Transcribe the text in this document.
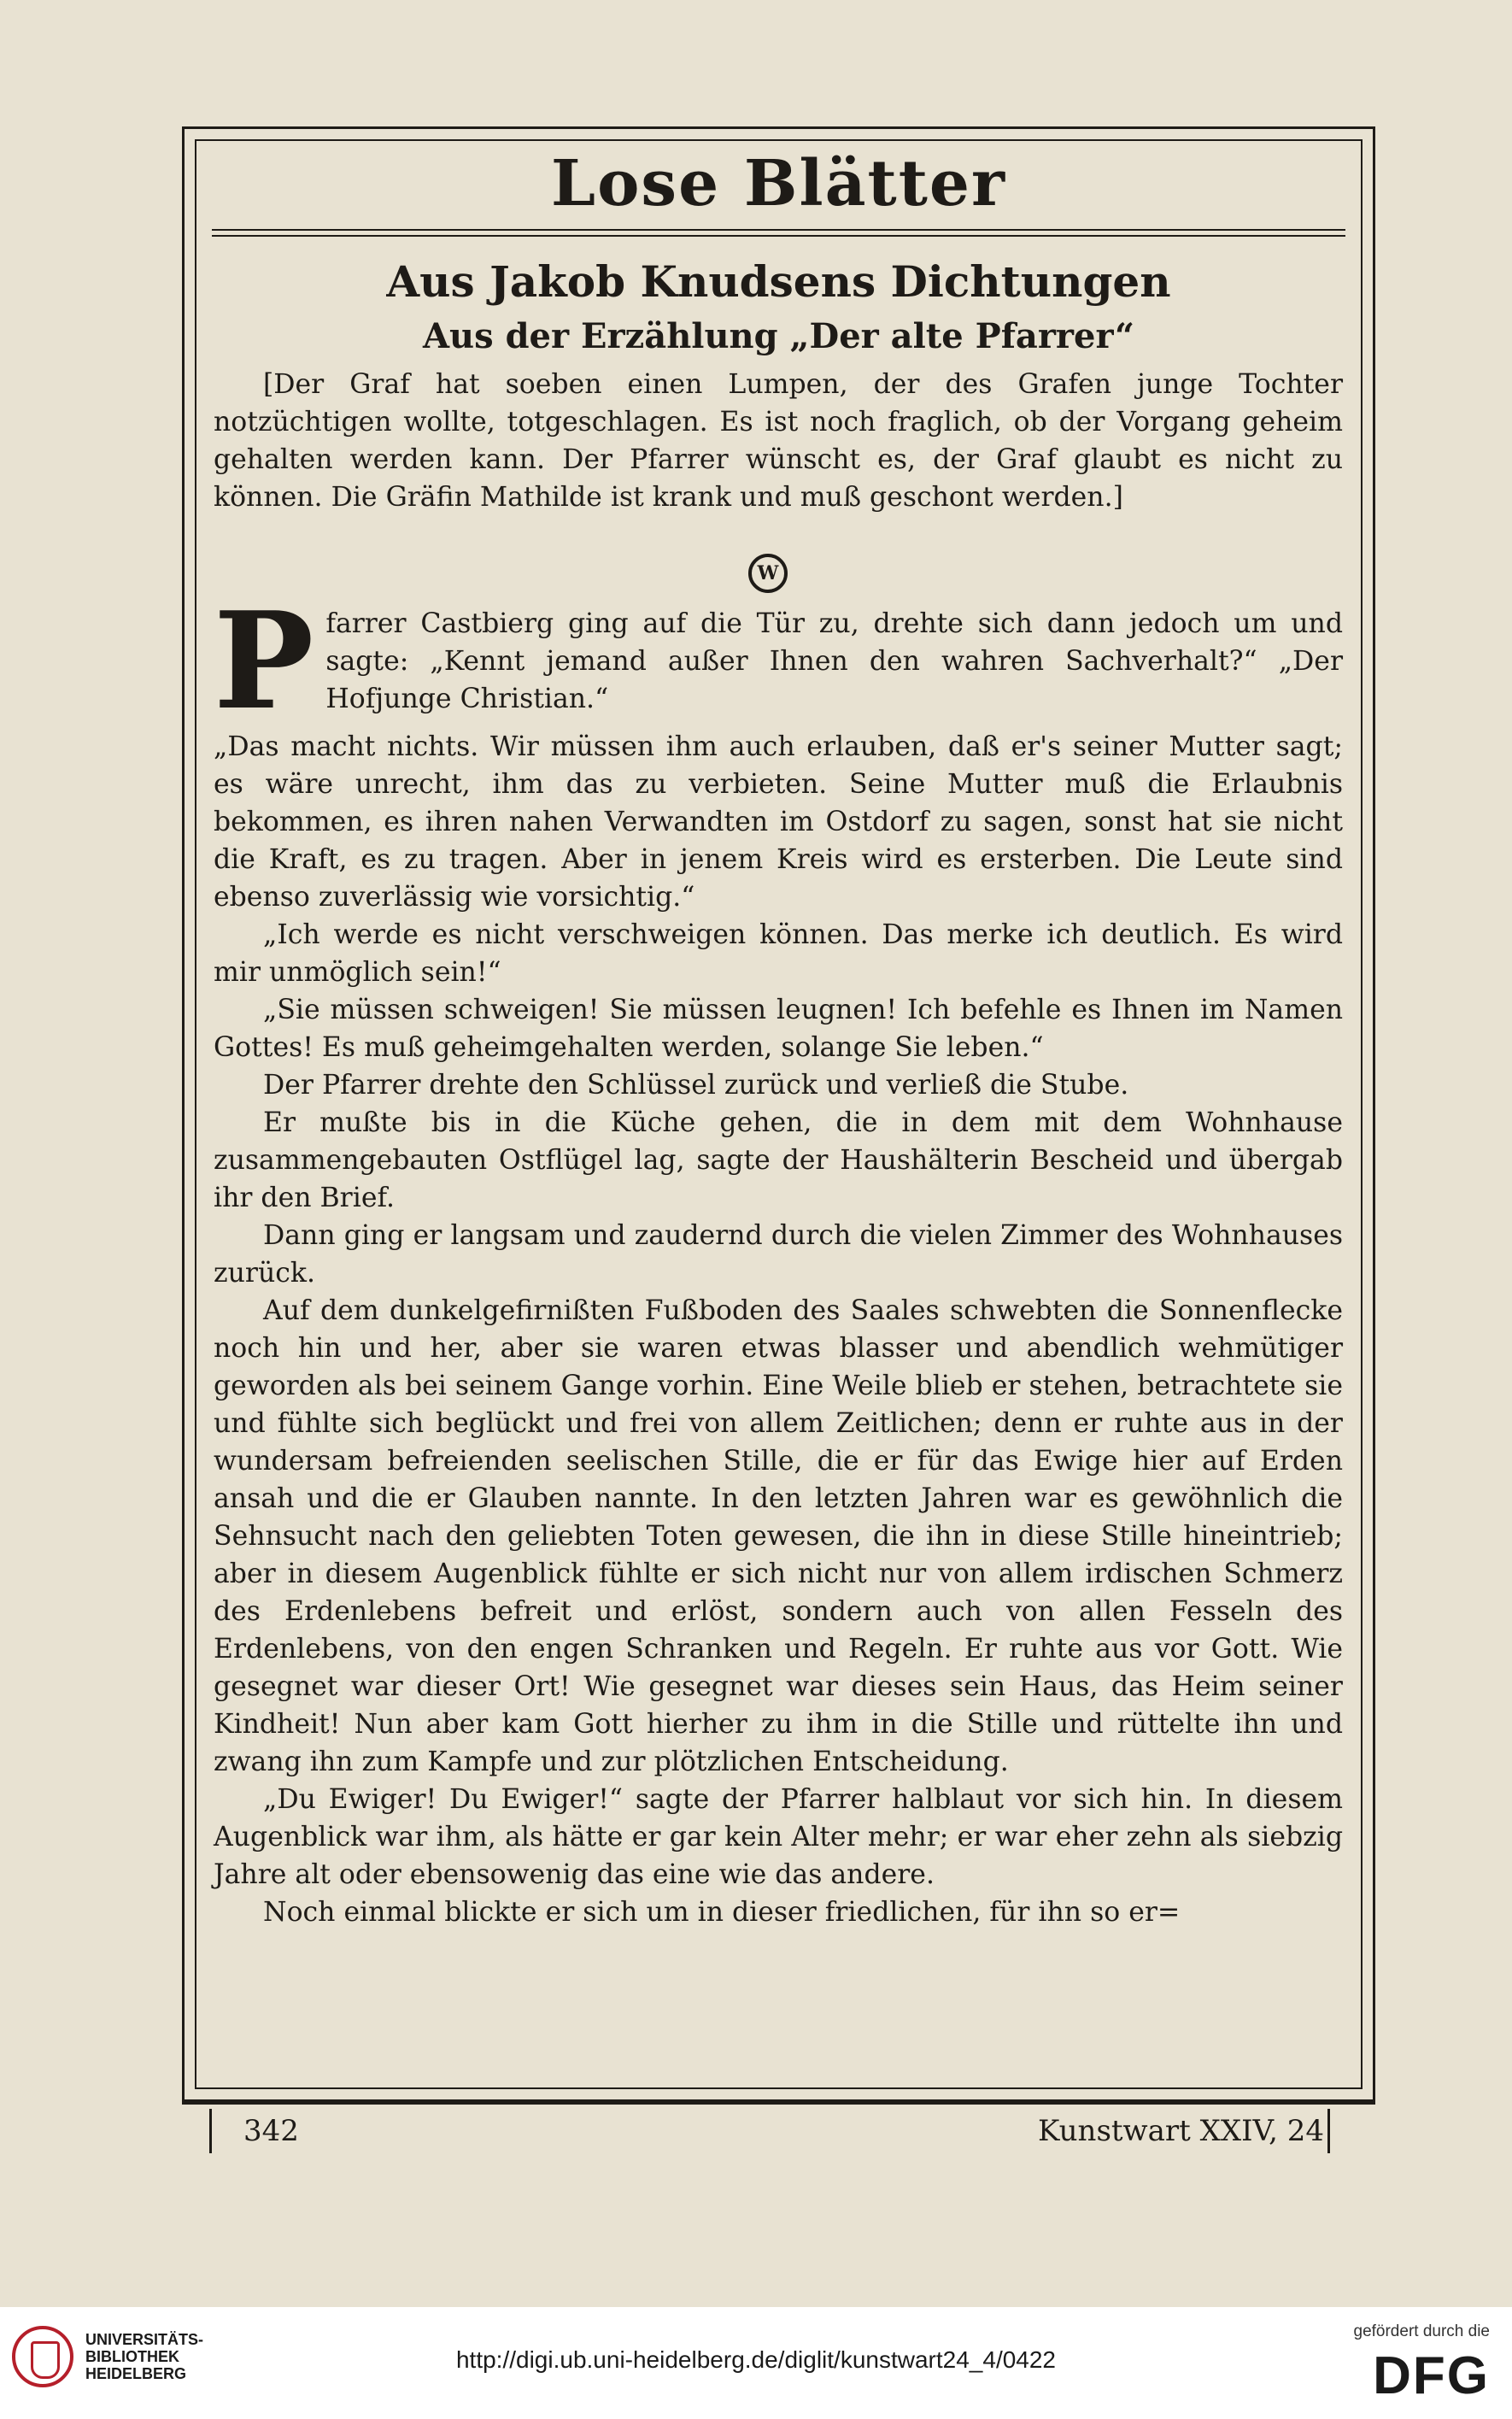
Lose Blätter
Aus Jakob Knudsens Dichtungen
Aus der Erzählung „Der alte Pfarrer“

[Der Graf hat soeben einen Lumpen, der des Grafen junge Tochter notzüchtigen wollte, totgeschlagen. Es ist noch fraglich, ob der Vorgang geheim gehalten werden kann. Der Pfarrer wünscht es, der Graf glaubt es nicht zu können. Die Gräfin Mathilde ist krank und muß geschont werden.]

W
P farrer Castbierg ging auf die Tür zu, drehte sich dann jedoch um und sagte: „Kennt jemand außer Ihnen den wahren Sachverhalt?“ „Der Hofjunge Christian.“

„Das macht nichts. Wir müssen ihm auch erlauben, daß er's seiner Mutter sagt; es wäre unrecht, ihm das zu verbieten. Seine Mutter muß die Erlaubnis bekommen, es ihren nahen Verwandten im Ostdorf zu sagen, sonst hat sie nicht die Kraft, es zu tragen. Aber in jenem Kreis wird es ersterben. Die Leute sind ebenso zuverlässig wie vorsichtig.“

„Ich werde es nicht verschweigen können. Das merke ich deutlich. Es wird mir unmöglich sein!“

„Sie müssen schweigen! Sie müssen leugnen! Ich befehle es Ihnen im Namen Gottes! Es muß geheimgehalten werden, solange Sie leben.“

Der Pfarrer drehte den Schlüssel zurück und verließ die Stube.

Er mußte bis in die Küche gehen, die in dem mit dem Wohnhause zusammengebauten Ostflügel lag, sagte der Haushälterin Bescheid und übergab ihr den Brief.

Dann ging er langsam und zaudernd durch die vielen Zimmer des Wohnhauses zurück.

Auf dem dunkelgefirnißten Fußboden des Saales schwebten die Sonnenflecke noch hin und her, aber sie waren etwas blasser und abendlich wehmütiger geworden als bei seinem Gange vorhin. Eine Weile blieb er stehen, betrachtete sie und fühlte sich beglückt und frei von allem Zeitlichen; denn er ruhte aus in der wundersam befreienden seelischen Stille, die er für das Ewige hier auf Erden ansah und die er Glauben nannte. In den letzten Jahren war es gewöhnlich die Sehnsucht nach den geliebten Toten gewesen, die ihn in diese Stille hineintrieb; aber in diesem Augenblick fühlte er sich nicht nur von allem irdischen Schmerz des Erdenlebens befreit und erlöst, sondern auch von allen Fesseln des Erdenlebens, von den engen Schranken und Regeln. Er ruhte aus vor Gott. Wie gesegnet war dieser Ort! Wie gesegnet war dieses sein Haus, das Heim seiner Kindheit! Nun aber kam Gott hierher zu ihm in die Stille und rüttelte ihn und zwang ihn zum Kampfe und zur plötzlichen Entscheidung.

„Du Ewiger! Du Ewiger!“ sagte der Pfarrer halblaut vor sich hin. In diesem Augenblick war ihm, als hätte er gar kein Alter mehr; er war eher zehn als siebzig Jahre alt oder ebensowenig das eine wie das andere.

Noch einmal blickte er sich um in dieser friedlichen, für ihn so er=

342	Kunstwart XXIV, 24
UNIVERSITÄTS-
BIBLIOTHEK
HEIDELBERG
http://digi.ub.uni-heidelberg.de/diglit/kunstwart24_4/0422
gefördert durch die
DFG
